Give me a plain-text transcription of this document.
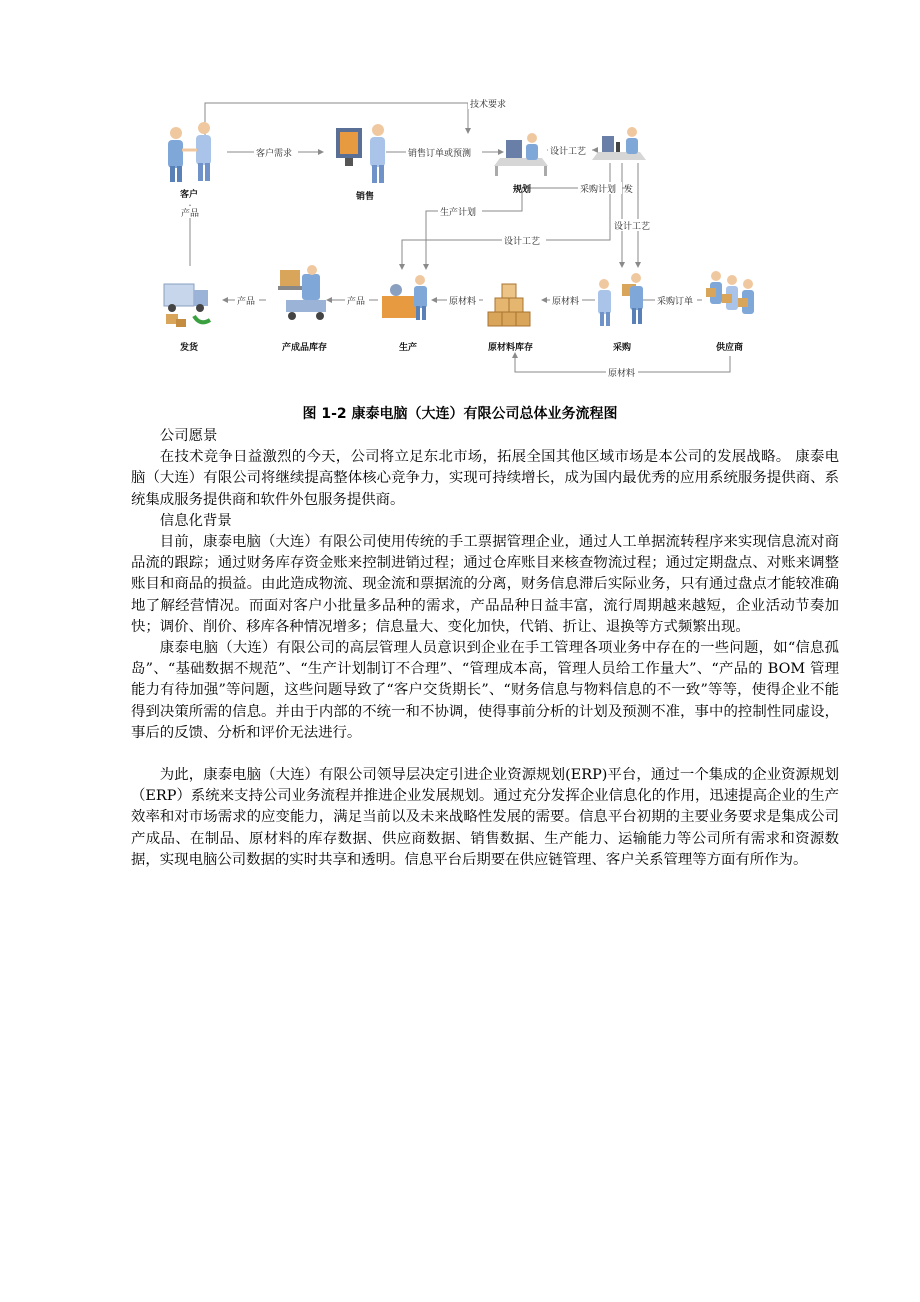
技术要求
客户需求	销售订单或预测	设计工艺
采购计划 发
生产计划
设计工艺
设计工艺
产品
产品	产品	原材料	原材料	采购订单
原材料
客户	销售
规划
发货	产成品库存	生产	原材料库存	采购	供应商
图 1-2 康泰电脑（大连）有限公司总体业务流程图

公司愿景

在技术竞争日益激烈的今天，公司将立足东北市场，拓展全国其他区域市场是本公司的发展战略。 康泰电脑（大连）有限公司将继续提高整体核心竞争力，实现可持续增长，成为国内最优秀的应用系统服务提供商、系统集成服务提供商和软件外包服务提供商。

信息化背景

目前，康泰电脑（大连）有限公司使用传统的手工票据管理企业，通过人工单据流转程序来实现信息流对商品流的跟踪；通过财务库存资金账来控制进销过程；通过仓库账目来核查物流过程；通过定期盘点、对账来调整账目和商品的损益。由此造成物流、现金流和票据流的分离，财务信息滞后实际业务，只有通过盘点才能较准确地了解经营情况。而面对客户小批量多品种的需求，产品品种日益丰富，流行周期越来越短，企业活动节奏加快；调价、削价、移库各种情况增多；信息量大、变化加快，代销、折让、退换等方式频繁出现。

康泰电脑（大连）有限公司的高层管理人员意识到企业在手工管理各项业务中存在的一些问题，如“信息孤岛”、“基础数据不规范”、“生产计划制订不合理”、“管理成本高，管理人员给工作量大”、“产品的 BOM 管理能力有待加强”等问题，这些问题导致了“客户交货期长”、“财务信息与物料信息的不一致”等等，使得企业不能得到决策所需的信息。并由于内部的不统一和不协调，使得事前分析的计划及预测不准，事中的控制性同虚设，事后的反馈、分析和评价无法进行。

为此，康泰电脑（大连）有限公司领导层决定引进企业资源规划(ERP)平台，通过一个集成的企业资源规划（ERP）系统来支持公司业务流程并推进企业发展规划。通过充分发挥企业信息化的作用，迅速提高企业的生产效率和对市场需求的应变能力，满足当前以及未来战略性发展的需要。信息平台初期的主要业务要求是集成公司产成品、在制品、原材料的库存数据、供应商数据、销售数据、生产能力、运输能力等公司所有需求和资源数据，实现电脑公司数据的实时共享和透明。信息平台后期要在供应链管理、客户关系管理等方面有所作为。
